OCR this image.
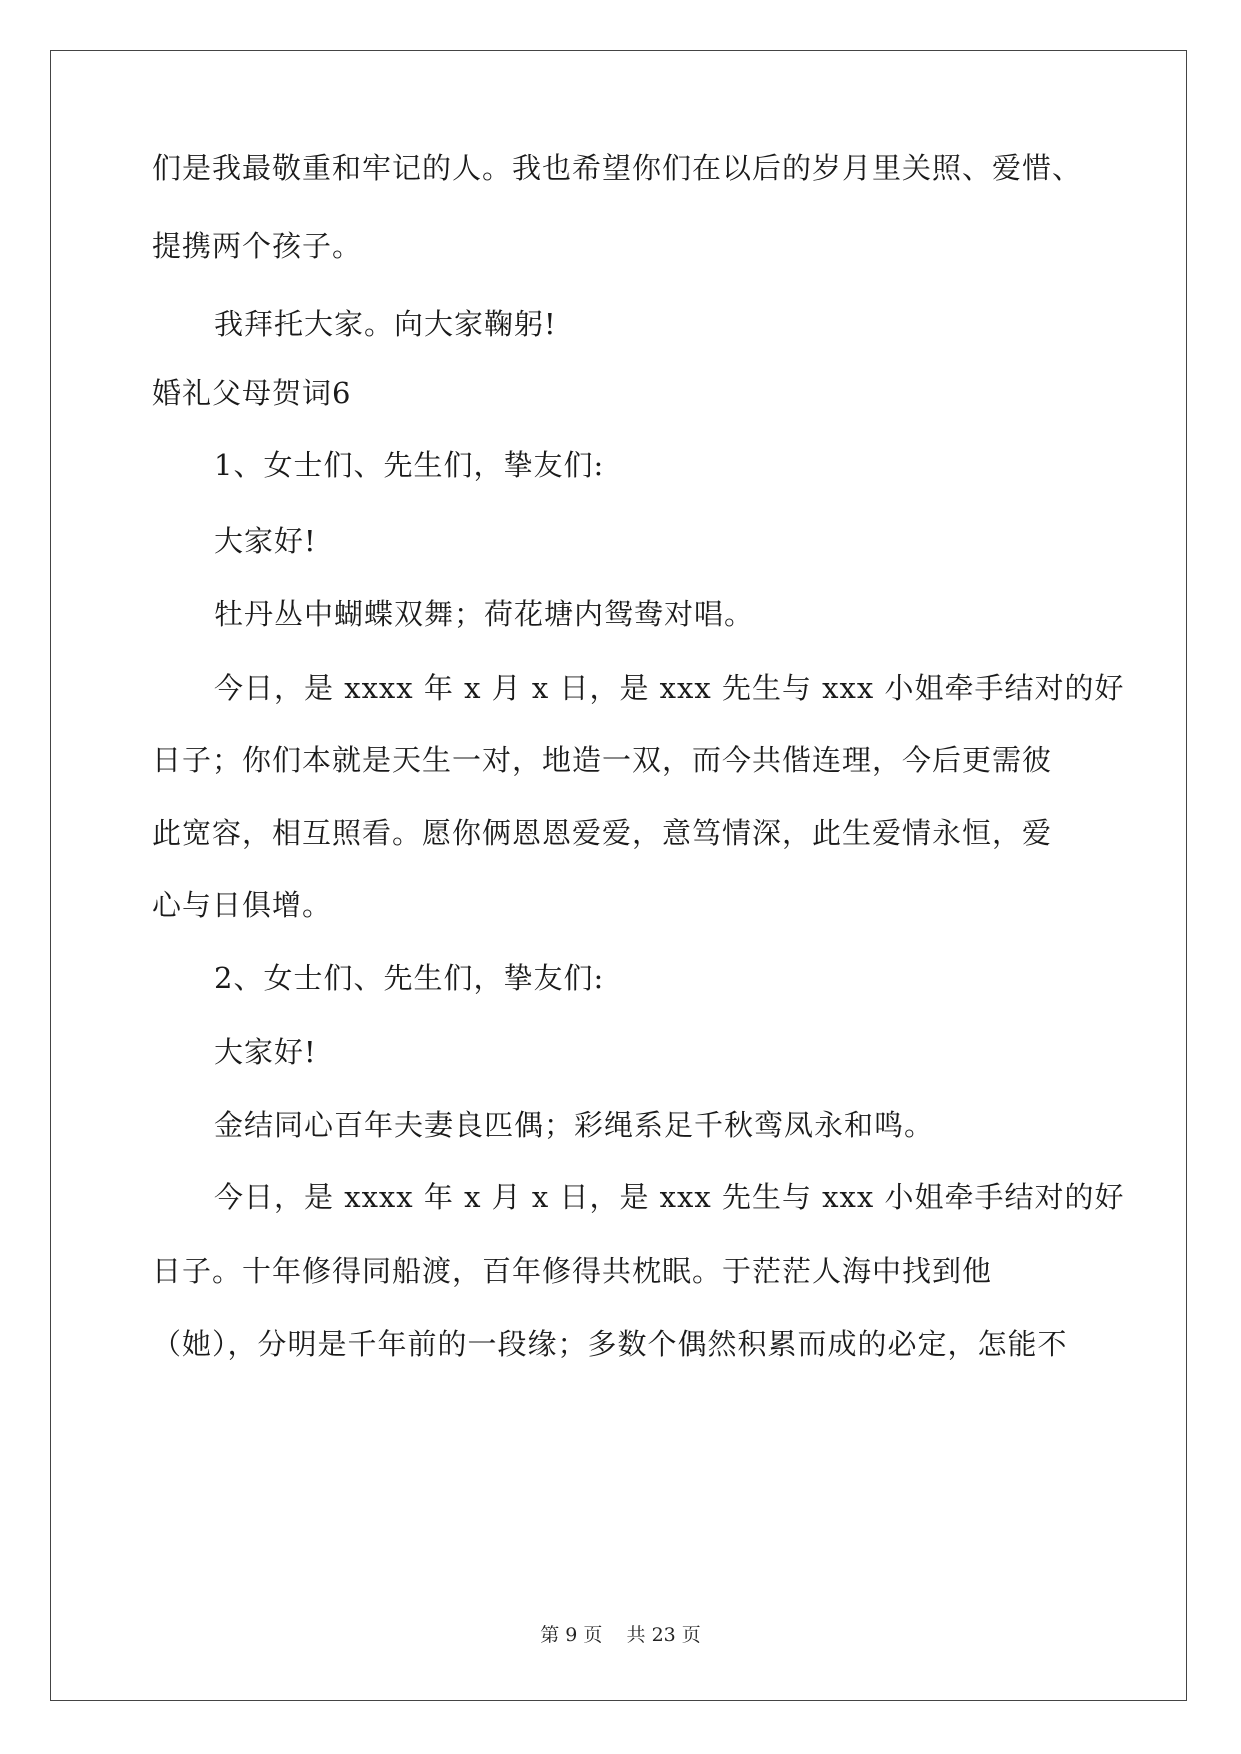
们是我最敬重和牢记的人。我也希望你们在以后的岁月里关照、爱惜、
提携两个孩子。
我拜托大家。向大家鞠躬!
婚礼父母贺词6
1、女士们、先生们，挚友们:
大家好!
牡丹丛中蝴蝶双舞；荷花塘内鸳鸯对唱。
今日，是 xxxx 年 x 月 x 日，是 xxx 先生与 xxx 小姐牵手结对的好
日子；你们本就是天生一对，地造一双，而今共偕连理，今后更需彼
此宽容，相互照看。愿你俩恩恩爱爱，意笃情深，此生爱情永恒，爱
心与日俱增。
2、女士们、先生们，挚友们:
大家好!
金结同心百年夫妻良匹偶；彩绳系足千秋鸾凤永和鸣。
今日，是 xxxx 年 x 月 x 日，是 xxx 先生与 xxx 小姐牵手结对的好
日子。十年修得同船渡，百年修得共枕眠。于茫茫人海中找到他
（她），分明是千年前的一段缘；多数个偶然积累而成的必定，怎能不
第 9 页    共 23 页
